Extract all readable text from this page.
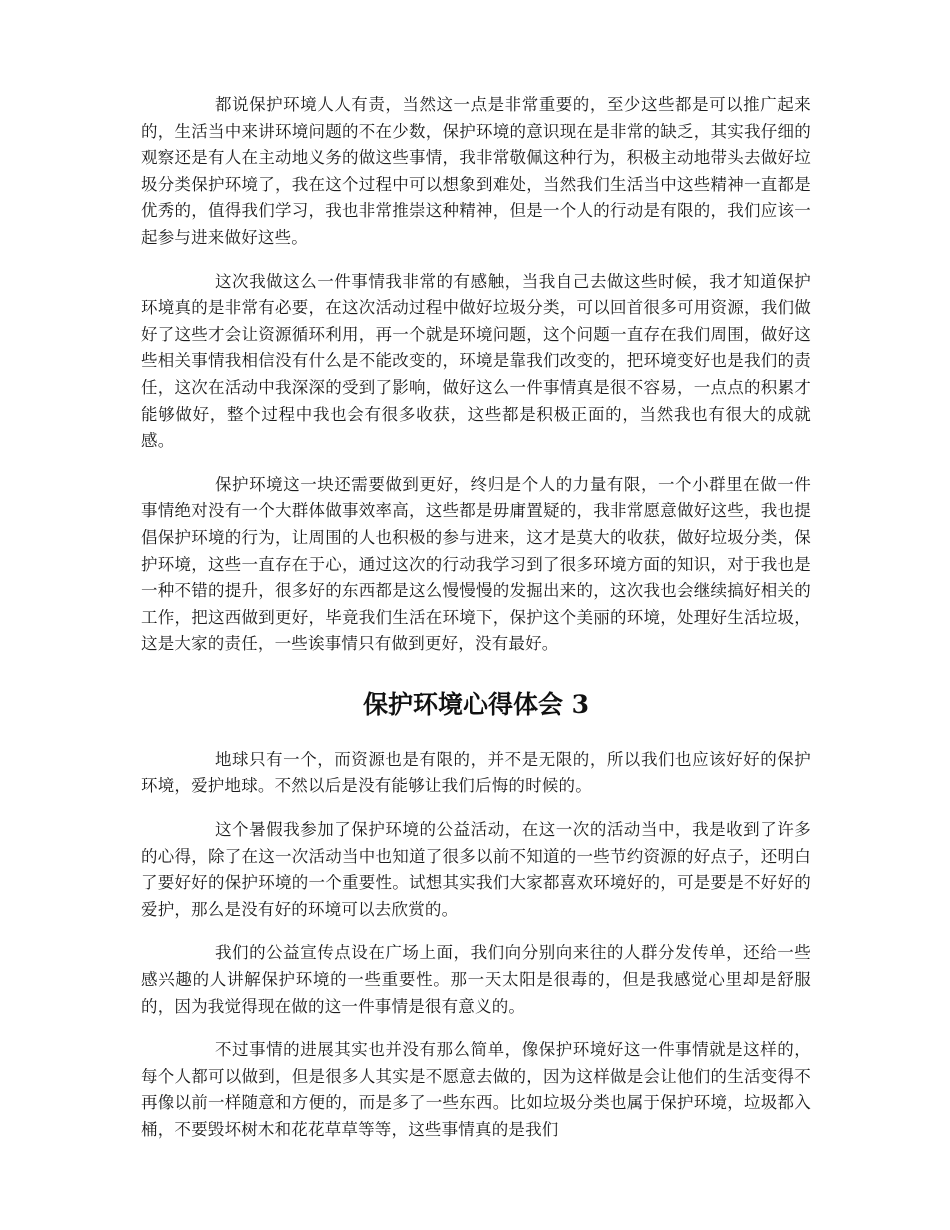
都说保护环境人人有责，当然这一点是非常重要的，至少这些都是可以推广起来的，生活当中来讲环境问题的不在少数，保护环境的意识现在是非常的缺乏，其实我仔细的观察还是有人在主动地义务的做这些事情，我非常敬佩这种行为，积极主动地带头去做好垃圾分类保护环境了，我在这个过程中可以想象到难处，当然我们生活当中这些精神一直都是优秀的，值得我们学习，我也非常推崇这种精神，但是一个人的行动是有限的，我们应该一起参与进来做好这些。

这次我做这么一件事情我非常的有感触，当我自己去做这些时候，我才知道保护环境真的是非常有必要，在这次活动过程中做好垃圾分类，可以回首很多可用资源，我们做好了这些才会让资源循环利用，再一个就是环境问题，这个问题一直存在我们周围，做好这些相关事情我相信没有什么是不能改变的，环境是靠我们改变的，把环境变好也是我们的责任，这次在活动中我深深的受到了影响，做好这么一件事情真是很不容易，一点点的积累才能够做好，整个过程中我也会有很多收获，这些都是积极正面的，当然我也有很大的成就感。

保护环境这一块还需要做到更好，终归是个人的力量有限，一个小群里在做一件事情绝对没有一个大群体做事效率高，这些都是毋庸置疑的，我非常愿意做好这些，我也提倡保护环境的行为，让周围的人也积极的参与进来，这才是莫大的收获，做好垃圾分类，保护环境，这些一直存在于心，通过这次的行动我学习到了很多环境方面的知识，对于我也是一种不错的提升，很多好的东西都是这么慢慢慢的发掘出来的，这次我也会继续搞好相关的工作，把这西做到更好，毕竟我们生活在环境下，保护这个美丽的环境，处理好生活垃圾，这是大家的责任，一些诶事情只有做到更好，没有最好。

保护环境心得体会 3

地球只有一个，而资源也是有限的，并不是无限的，所以我们也应该好好的保护环境，爱护地球。不然以后是没有能够让我们后悔的时候的。

这个暑假我参加了保护环境的公益活动，在这一次的活动当中，我是收到了许多的心得，除了在这一次活动当中也知道了很多以前不知道的一些节约资源的好点子，还明白了要好好的保护环境的一个重要性。试想其实我们大家都喜欢环境好的，可是要是不好好的爱护，那么是没有好的环境可以去欣赏的。

我们的公益宣传点设在广场上面，我们向分别向来往的人群分发传单，还给一些感兴趣的人讲解保护环境的一些重要性。那一天太阳是很毒的，但是我感觉心里却是舒服的，因为我觉得现在做的这一件事情是很有意义的。

不过事情的进展其实也并没有那么简单，像保护环境好这一件事情就是这样的，每个人都可以做到，但是很多人其实是不愿意去做的，因为这样做是会让他们的生活变得不再像以前一样随意和方便的，而是多了一些东西。比如垃圾分类也属于保护环境，垃圾都入桶，不要毁坏树木和花花草草等等，这些事情真的是我们
